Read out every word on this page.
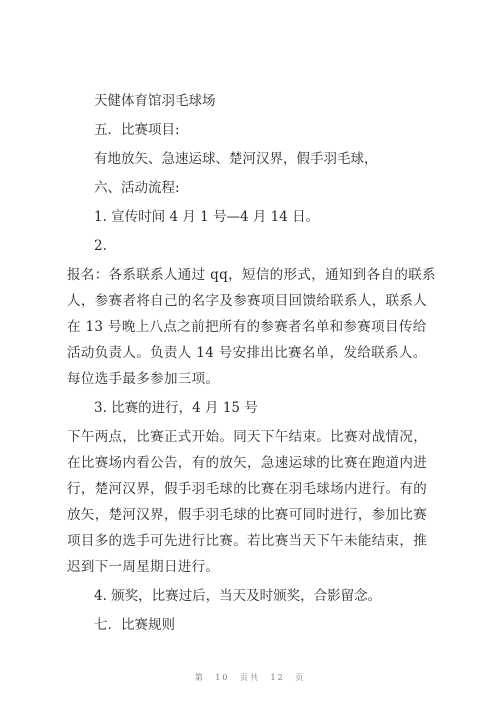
天健体育馆羽毛球场
五．比赛项目:
有地放矢、急速运球、楚河汉界，假手羽毛球，
六、活动流程:
1. 宣传时间 4 月 1 号—4 月 14 日。
2.
报名：各系联系人通过 qq，短信的形式，通知到各自的联系人，参赛者将自己的名字及参赛项目回馈给联系人，联系人在 13 号晚上八点之前把所有的参赛者名单和参赛项目传给活动负责人。负责人 14 号安排出比赛名单，发给联系人。每位选手最多参加三项。
3. 比赛的进行，4 月 15 号
下午两点，比赛正式开始。同天下午结束。比赛对战情况，在比赛场内看公告，有的放矢，急速运球的比赛在跑道内进行，楚河汉界，假手羽毛球的比赛在羽毛球场内进行。有的放矢，楚河汉界，假手羽毛球的比赛可同时进行，参加比赛项目多的选手可先进行比赛。若比赛当天下午未能结束，推迟到下一周星期日进行。
4. 颁奖，比赛过后，当天及时颁奖，合影留念。
七．比赛规则
第 10 页共 12 页
